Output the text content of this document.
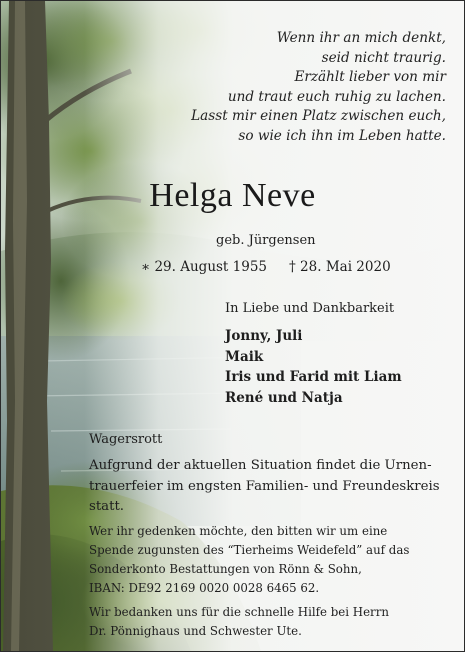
Wenn ihr an mich denkt,
seid nicht traurig.
Erzählt lieber von mir
und traut euch ruhig zu lachen.
Lasst mir einen Platz zwischen euch,
so wie ich ihn im Leben hatte.
Helga Neve
geb. Jürgensen
∗ 29. August 1955 † 28. Mai 2020
In Liebe und Dankbarkeit
Jonny, Juli
Maik
Iris und Farid mit Liam
René und Natja
Wagersrott
Aufgrund der aktuellen Situation findet die Urnen-
trauerfeier im engsten Familien- und Freundeskreis
statt.
Wer ihr gedenken möchte, den bitten wir um eine
Spende zugunsten des “Tierheims Weidefeld” auf das
Sonderkonto Bestattungen von Rönn & Sohn,
IBAN: DE92 2169 0020 0028 6465 62.
Wir bedanken uns für die schnelle Hilfe bei Herrn
Dr. Pönnighaus und Schwester Ute.
